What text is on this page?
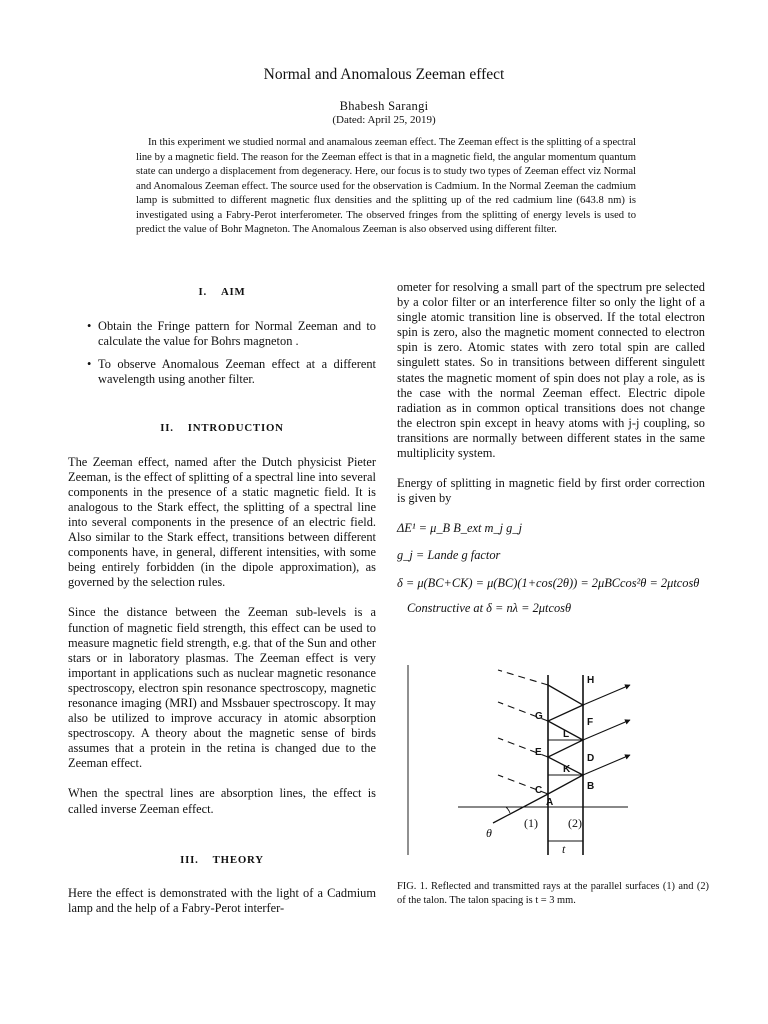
Normal and Anomalous Zeeman effect
Bhabesh Sarangi
(Dated: April 25, 2019)

In this experiment we studied normal and anamalous zeeman effect. The Zeeman effect is the splitting of a spectral line by a magnetic field. The reason for the Zeeman effect is that in a magnetic field, the angular momentum quantum state can undergo a displacement from degeneracy. Here, our focus is to study two types of Zeeman effect viz Normal and Anomalous Zeeman effect. The source used for the observation is Cadmium. In the Normal Zeeman the cadmium lamp is submitted to different magnetic flux densities and the splitting up of the red cadmium line (643.8 nm) is investigated using a Fabry-Perot interferometer. The observed fringes from the splitting of energy levels is used to predict the value of Bohr Magneton. The Anomalous Zeeman is also observed using different filter.

I. AIM
• Obtain the Fringe pattern for Normal Zeeman and to calculate the value for Bohrs magneton .
• To observe Anomalous Zeeman effect at a different wavelength using another filter.
II. INTRODUCTION

The Zeeman effect, named after the Dutch physicist Pieter Zeeman, is the effect of splitting of a spectral line into several components in the presence of a static magnetic field. It is analogous to the Stark effect, the splitting of a spectral line into several components in the presence of an electric field. Also similar to the Stark effect, transitions between different components have, in general, different intensities, with some being entirely forbidden (in the dipole approximation), as governed by the selection rules.

Since the distance between the Zeeman sub-levels is a function of magnetic field strength, this effect can be used to measure magnetic field strength, e.g. that of the Sun and other stars or in laboratory plasmas. The Zeeman effect is very important in applications such as nuclear magnetic resonance spectroscopy, electron spin resonance spectroscopy, magnetic resonance imaging (MRI) and Mssbauer spectroscopy. It may also be utilized to improve accuracy in atomic absorption spectroscopy. A theory about the magnetic sense of birds assumes that a protein in the retina is changed due to the Zeeman effect.

When the spectral lines are absorption lines, the effect is called inverse Zeeman effect.

III. THEORY

Here the effect is demonstrated with the light of a Cadmium lamp and the help of a Fabry-Perot interfer-

ometer for resolving a small part of the spectrum pre selected by a color filter or an interference filter so only the light of a single atomic transition line is observed. If the total electron spin is zero, also the magnetic moment connected to electron spin is zero. Atomic states with zero total spin are called singulett states. So in transitions between different singulett states the magnetic moment of spin does not play a role, as is the case with the normal Zeeman effect. Electric dipole radiation as in common optical transitions does not change the electron spin except in heavy atoms with j-j coupling, so transitions are normally between different states in the same multiplicity system.

Energy of splitting in magnetic field by first order correction is given by

ΔE¹ = μ_B B_ext m_j g_j

g_j = Lande g factor

δ = μ(BC+CK) = μ(BC)(1+cos(2θ)) = 2μBCcos²θ = 2μtcosθ

Constructive at δ = nλ = 2μtcosθ

G
H
L
F
E
K
D
C
A
B
θ
(1)	(2)
t
FIG. 1. Reflected and transmitted rays at the parallel surfaces (1) and (2) of the talon. The talon spacing is t = 3 mm.
